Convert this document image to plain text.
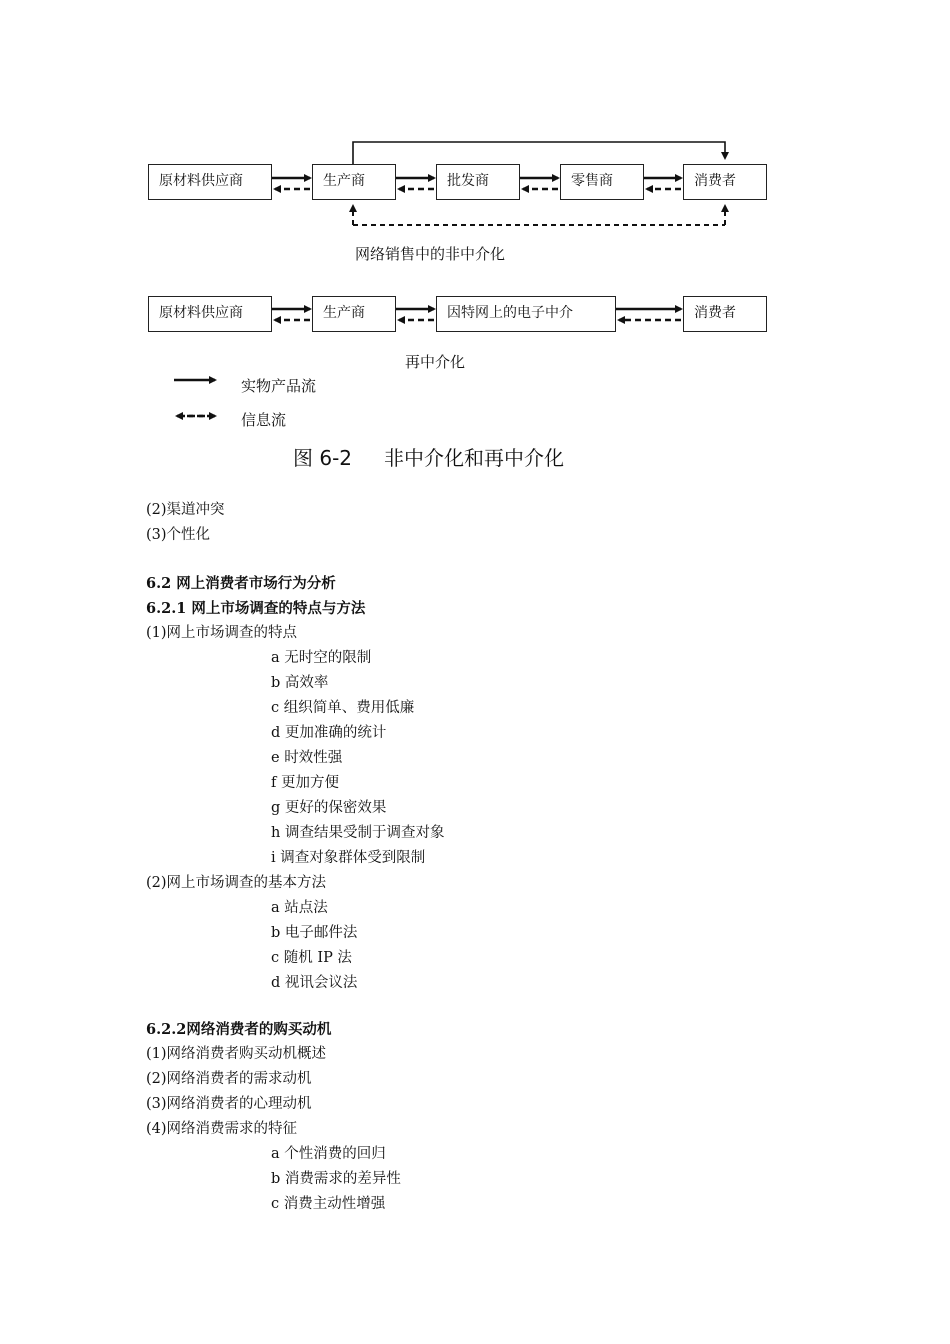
原材料供应商	生产商	批发商	零售商	消费者
网络销售中的非中介化
原材料供应商	生产商	因特网上的电子中介	消费者
再中介化
实物产品流
信息流
图 6-2 非中介化和再中介化
(2)渠道冲突
(3)个性化
6.2 网上消费者市场行为分析
6.2.1 网上市场调查的特点与方法
(1)网上市场调查的特点
a 无时空的限制
b 高效率
c 组织简单、费用低廉
d 更加准确的统计
e 时效性强
f 更加方便
g 更好的保密效果
h 调查结果受制于调查对象
i 调查对象群体受到限制
(2)网上市场调查的基本方法
a 站点法
b 电子邮件法
c 随机 IP 法
d 视讯会议法
6.2.2网络消费者的购买动机
(1)网络消费者购买动机概述
(2)网络消费者的需求动机
(3)网络消费者的心理动机
(4)网络消费需求的特征
a 个性消费的回归
b 消费需求的差异性
c 消费主动性增强
